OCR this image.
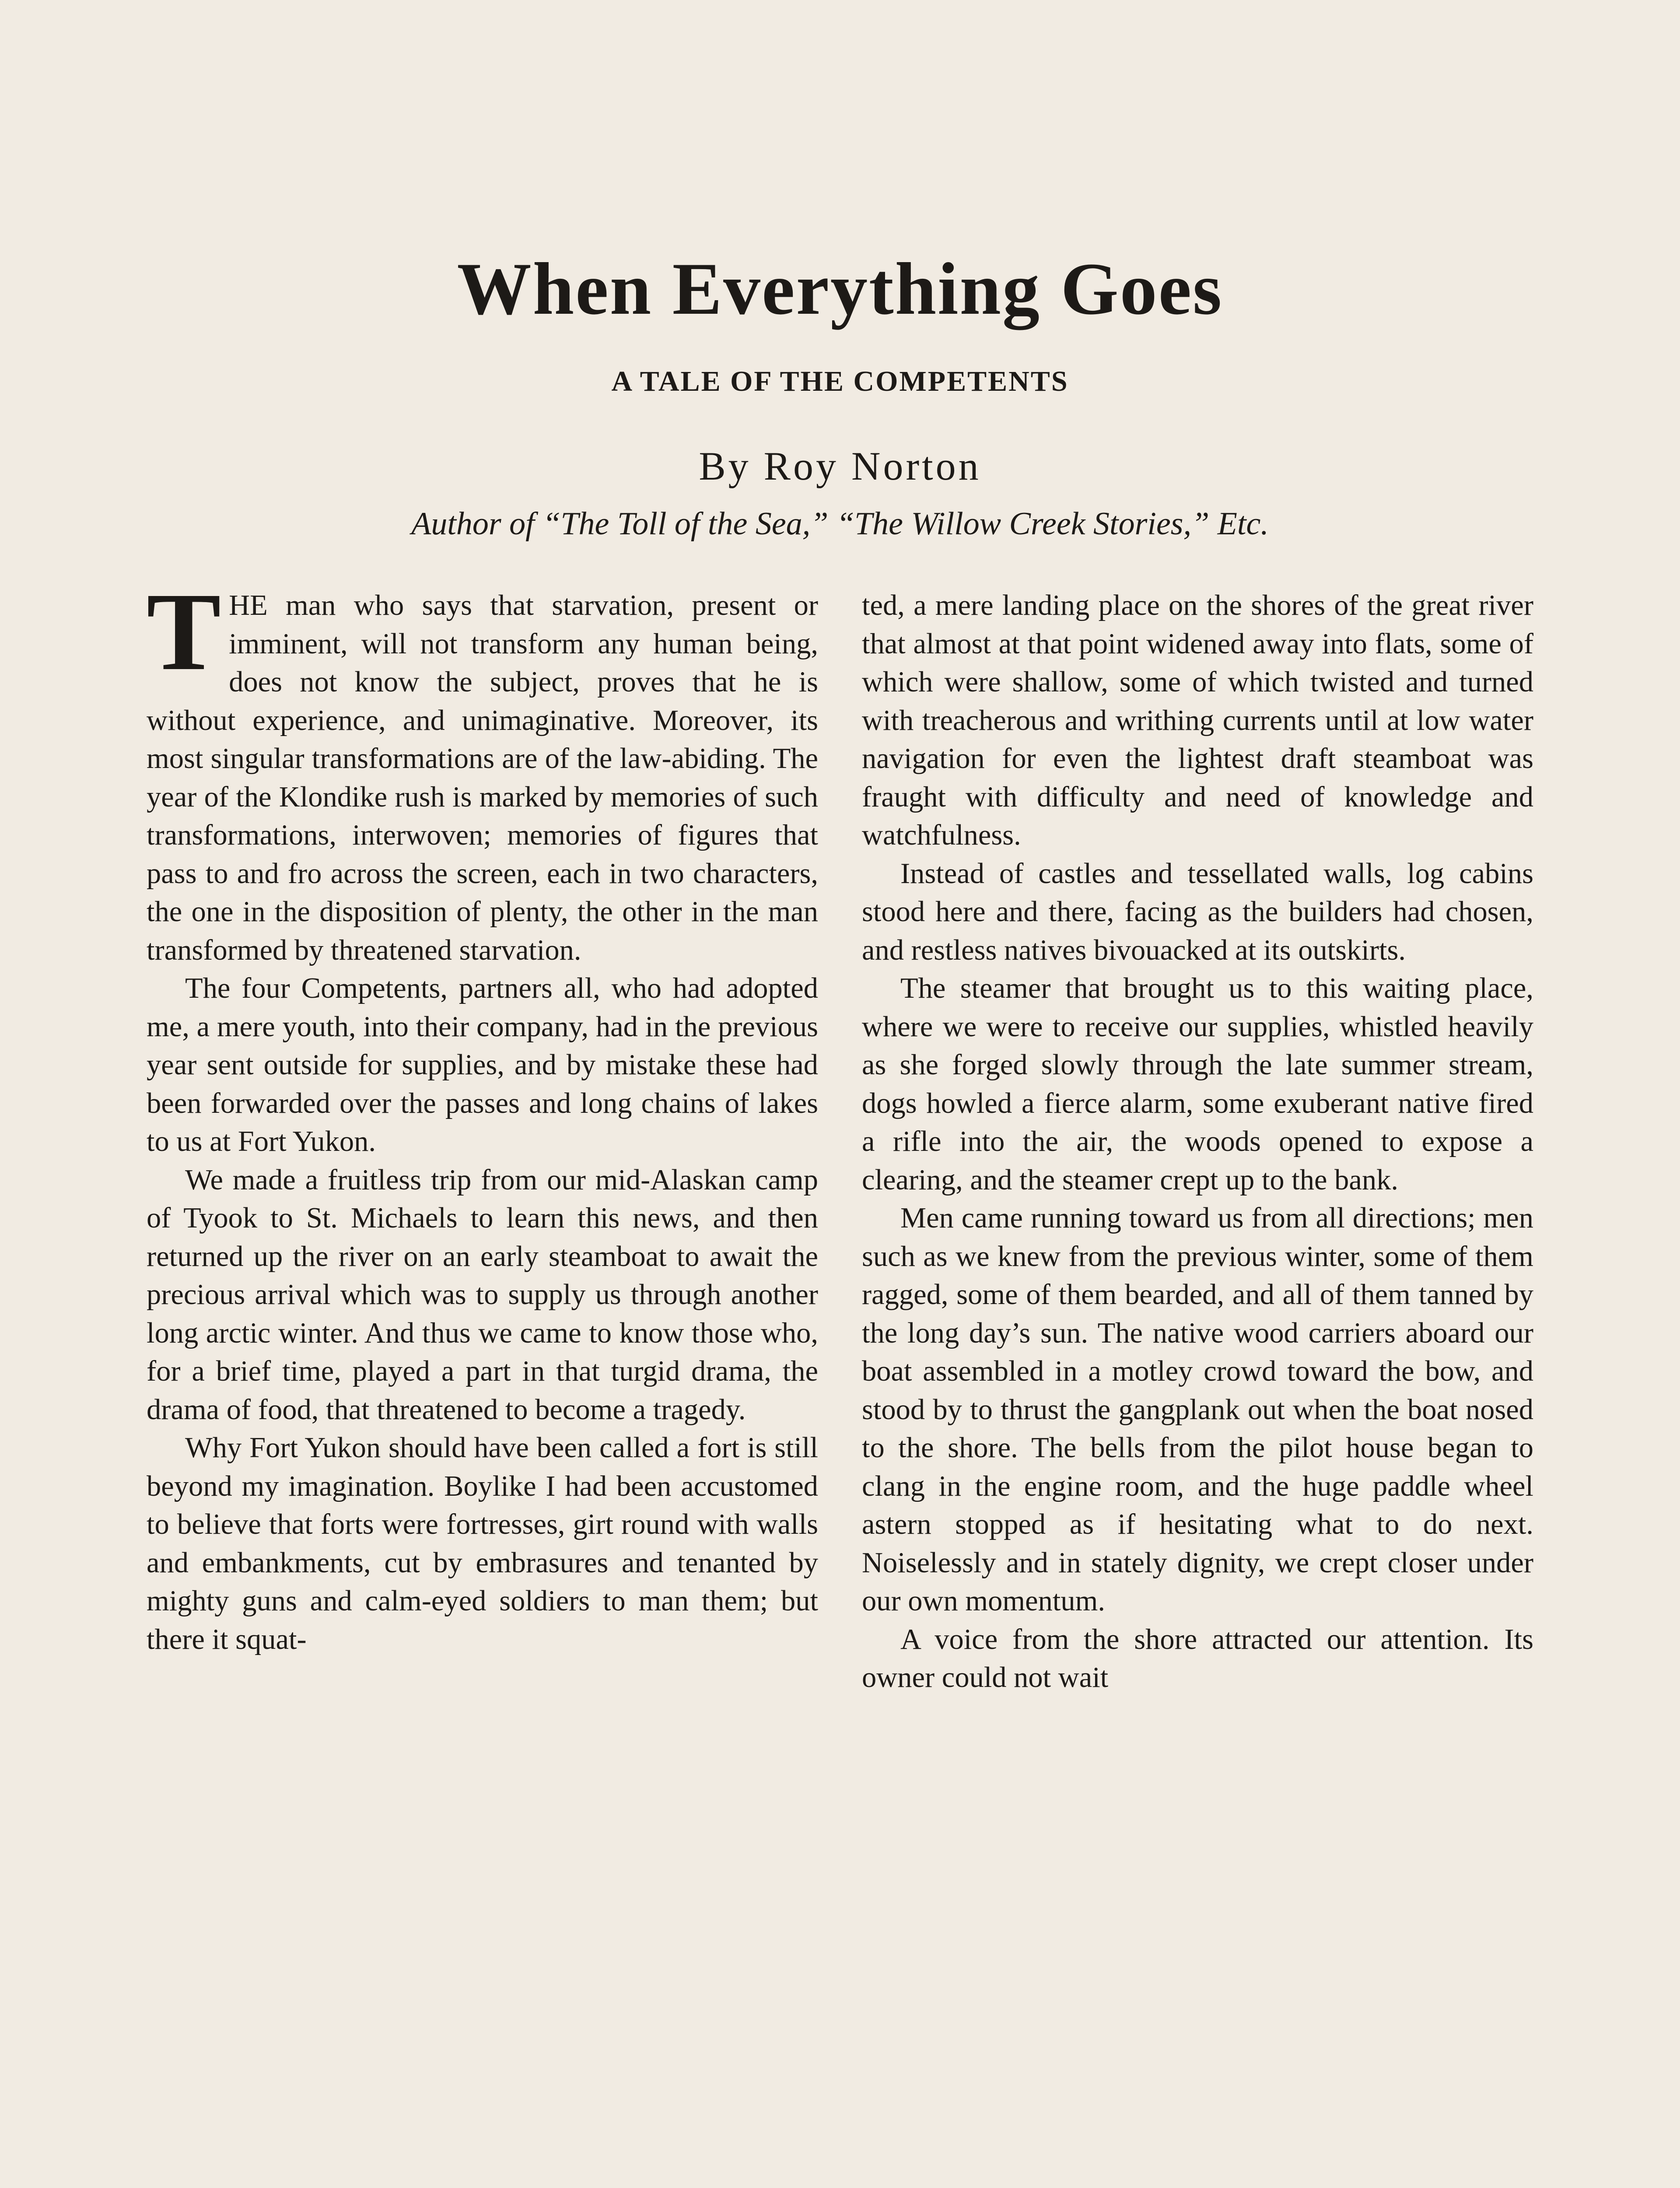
When Everything Goes
A TALE OF THE COMPETENTS
By Roy Norton
Author of “The Toll of the Sea,” “The Willow Creek Stories,” Etc.

THE man who says that starvation, present or imminent, will not transform any human being, does not know the subject, proves that he is without experience, and unimaginative. Moreover, its most singular transformations are of the law-abiding. The year of the Klondike rush is marked by memories of such transformations, interwoven; memories of figures that pass to and fro across the screen, each in two characters, the one in the disposition of plenty, the other in the man transformed by threatened starvation.

The four Competents, partners all, who had adopted me, a mere youth, into their company, had in the previous year sent outside for supplies, and by mistake these had been forwarded over the passes and long chains of lakes to us at Fort Yukon.

We made a fruitless trip from our mid-Alaskan camp of Tyook to St. Michaels to learn this news, and then returned up the river on an early steamboat to await the precious arrival which was to supply us through another long arctic winter. And thus we came to know those who, for a brief time, played a part in that turgid drama, the drama of food, that threatened to become a tragedy.

Why Fort Yukon should have been called a fort is still beyond my imagination. Boylike I had been accustomed to believe that forts were fortresses, girt round with walls and embankments, cut by embrasures and tenanted by mighty guns and calm-eyed soldiers to man them; but there it squat-

ted, a mere landing place on the shores of the great river that almost at that point widened away into flats, some of which were shallow, some of which twisted and turned with treacherous and writhing currents until at low water navigation for even the lightest draft steamboat was fraught with difficulty and need of knowledge and watchfulness.

Instead of castles and tessellated walls, log cabins stood here and there, facing as the builders had chosen, and restless natives bivouacked at its outskirts.

The steamer that brought us to this waiting place, where we were to receive our supplies, whistled heavily as she forged slowly through the late summer stream, dogs howled a fierce alarm, some exuberant native fired a rifle into the air, the woods opened to expose a clearing, and the steamer crept up to the bank.

Men came running toward us from all directions; men such as we knew from the previous winter, some of them ragged, some of them bearded, and all of them tanned by the long day’s sun. The native wood carriers aboard our boat assembled in a motley crowd toward the bow, and stood by to thrust the gangplank out when the boat nosed to the shore. The bells from the pilot house began to clang in the engine room, and the huge paddle wheel astern stopped as if hesitating what to do next. Noiselessly and in stately dignity, we crept closer under our own momentum.

A voice from the shore attracted our attention. Its owner could not wait
